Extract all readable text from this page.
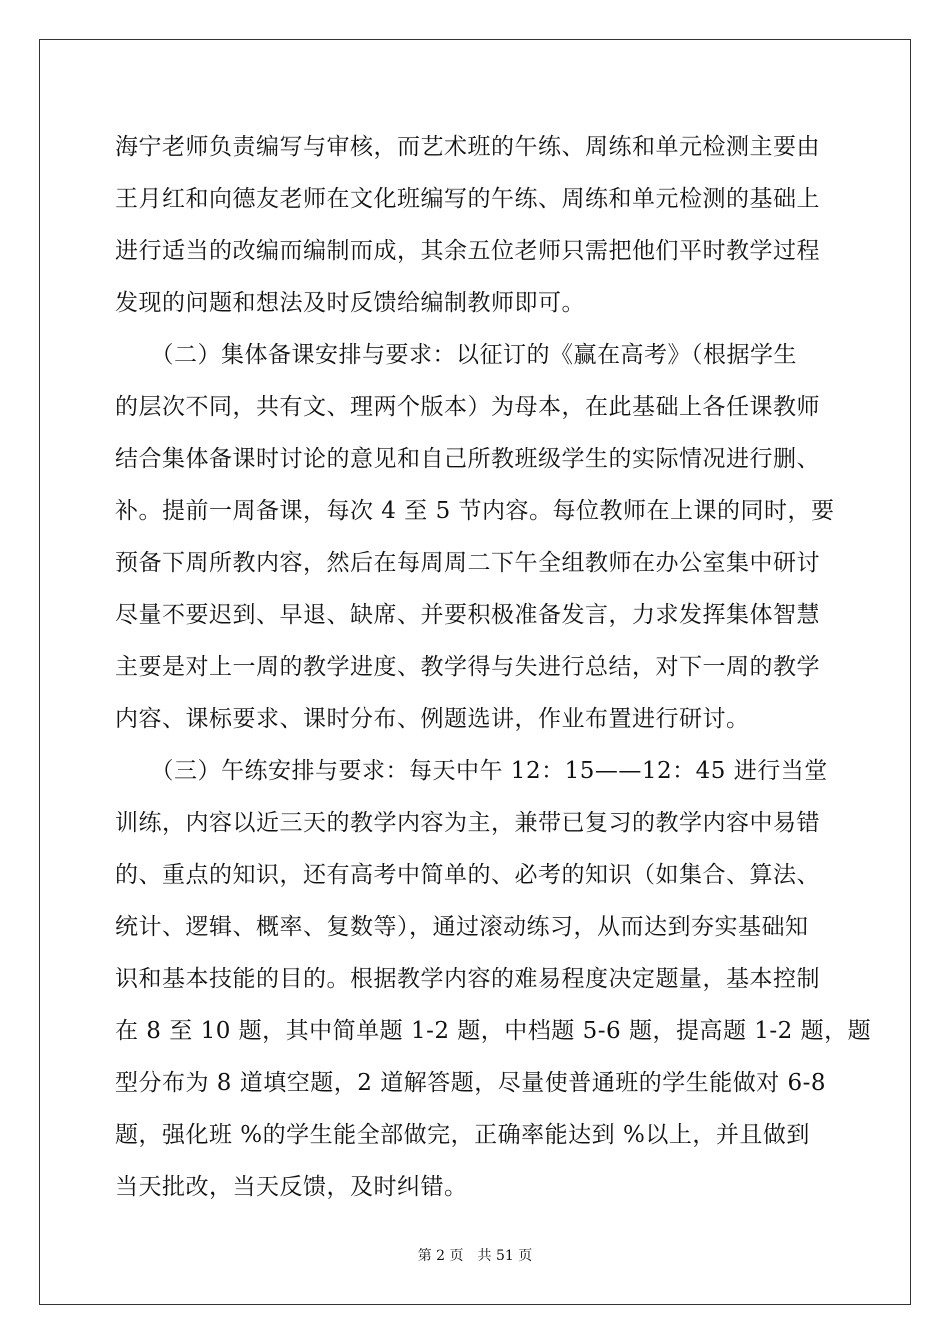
海宁老师负责编写与审核，而艺术班的午练、周练和单元检测主要由
王月红和向德友老师在文化班编写的午练、周练和单元检测的基础上
进行适当的改编而编制而成，其余五位老师只需把他们平时教学过程
发现的问题和想法及时反馈给编制教师即可。
　　（二）集体备课安排与要求：以征订的《赢在高考》（根据学生
的层次不同，共有文、理两个版本）为母本，在此基础上各任课教师
结合集体备课时讨论的意见和自己所教班级学生的实际情况进行删、
补。提前一周备课，每次 4 至 5 节内容。每位教师在上课的同时，要
预备下周所教内容，然后在每周周二下午全组教师在办公室集中研讨
尽量不要迟到、早退、缺席、并要积极准备发言，力求发挥集体智慧
主要是对上一周的教学进度、教学得与失进行总结，对下一周的教学
内容、课标要求、课时分布、例题选讲，作业布置进行研讨。
　　（三）午练安排与要求：每天中午 12：15——12：45 进行当堂
训练，内容以近三天的教学内容为主，兼带已复习的教学内容中易错
的、重点的知识，还有高考中简单的、必考的知识（如集合、算法、
统计、逻辑、概率、复数等），通过滚动练习，从而达到夯实基础知
识和基本技能的目的。根据教学内容的难易程度决定题量，基本控制
在 8 至 10 题，其中简单题 1-2 题，中档题 5-6 题，提高题 1-2 题，题
型分布为 8 道填空题，2 道解答题，尽量使普通班的学生能做对 6-8
题，强化班 %的学生能全部做完，正确率能达到 %以上，并且做到
当天批改，当天反馈，及时纠错。
第 2 页 共 51 页
